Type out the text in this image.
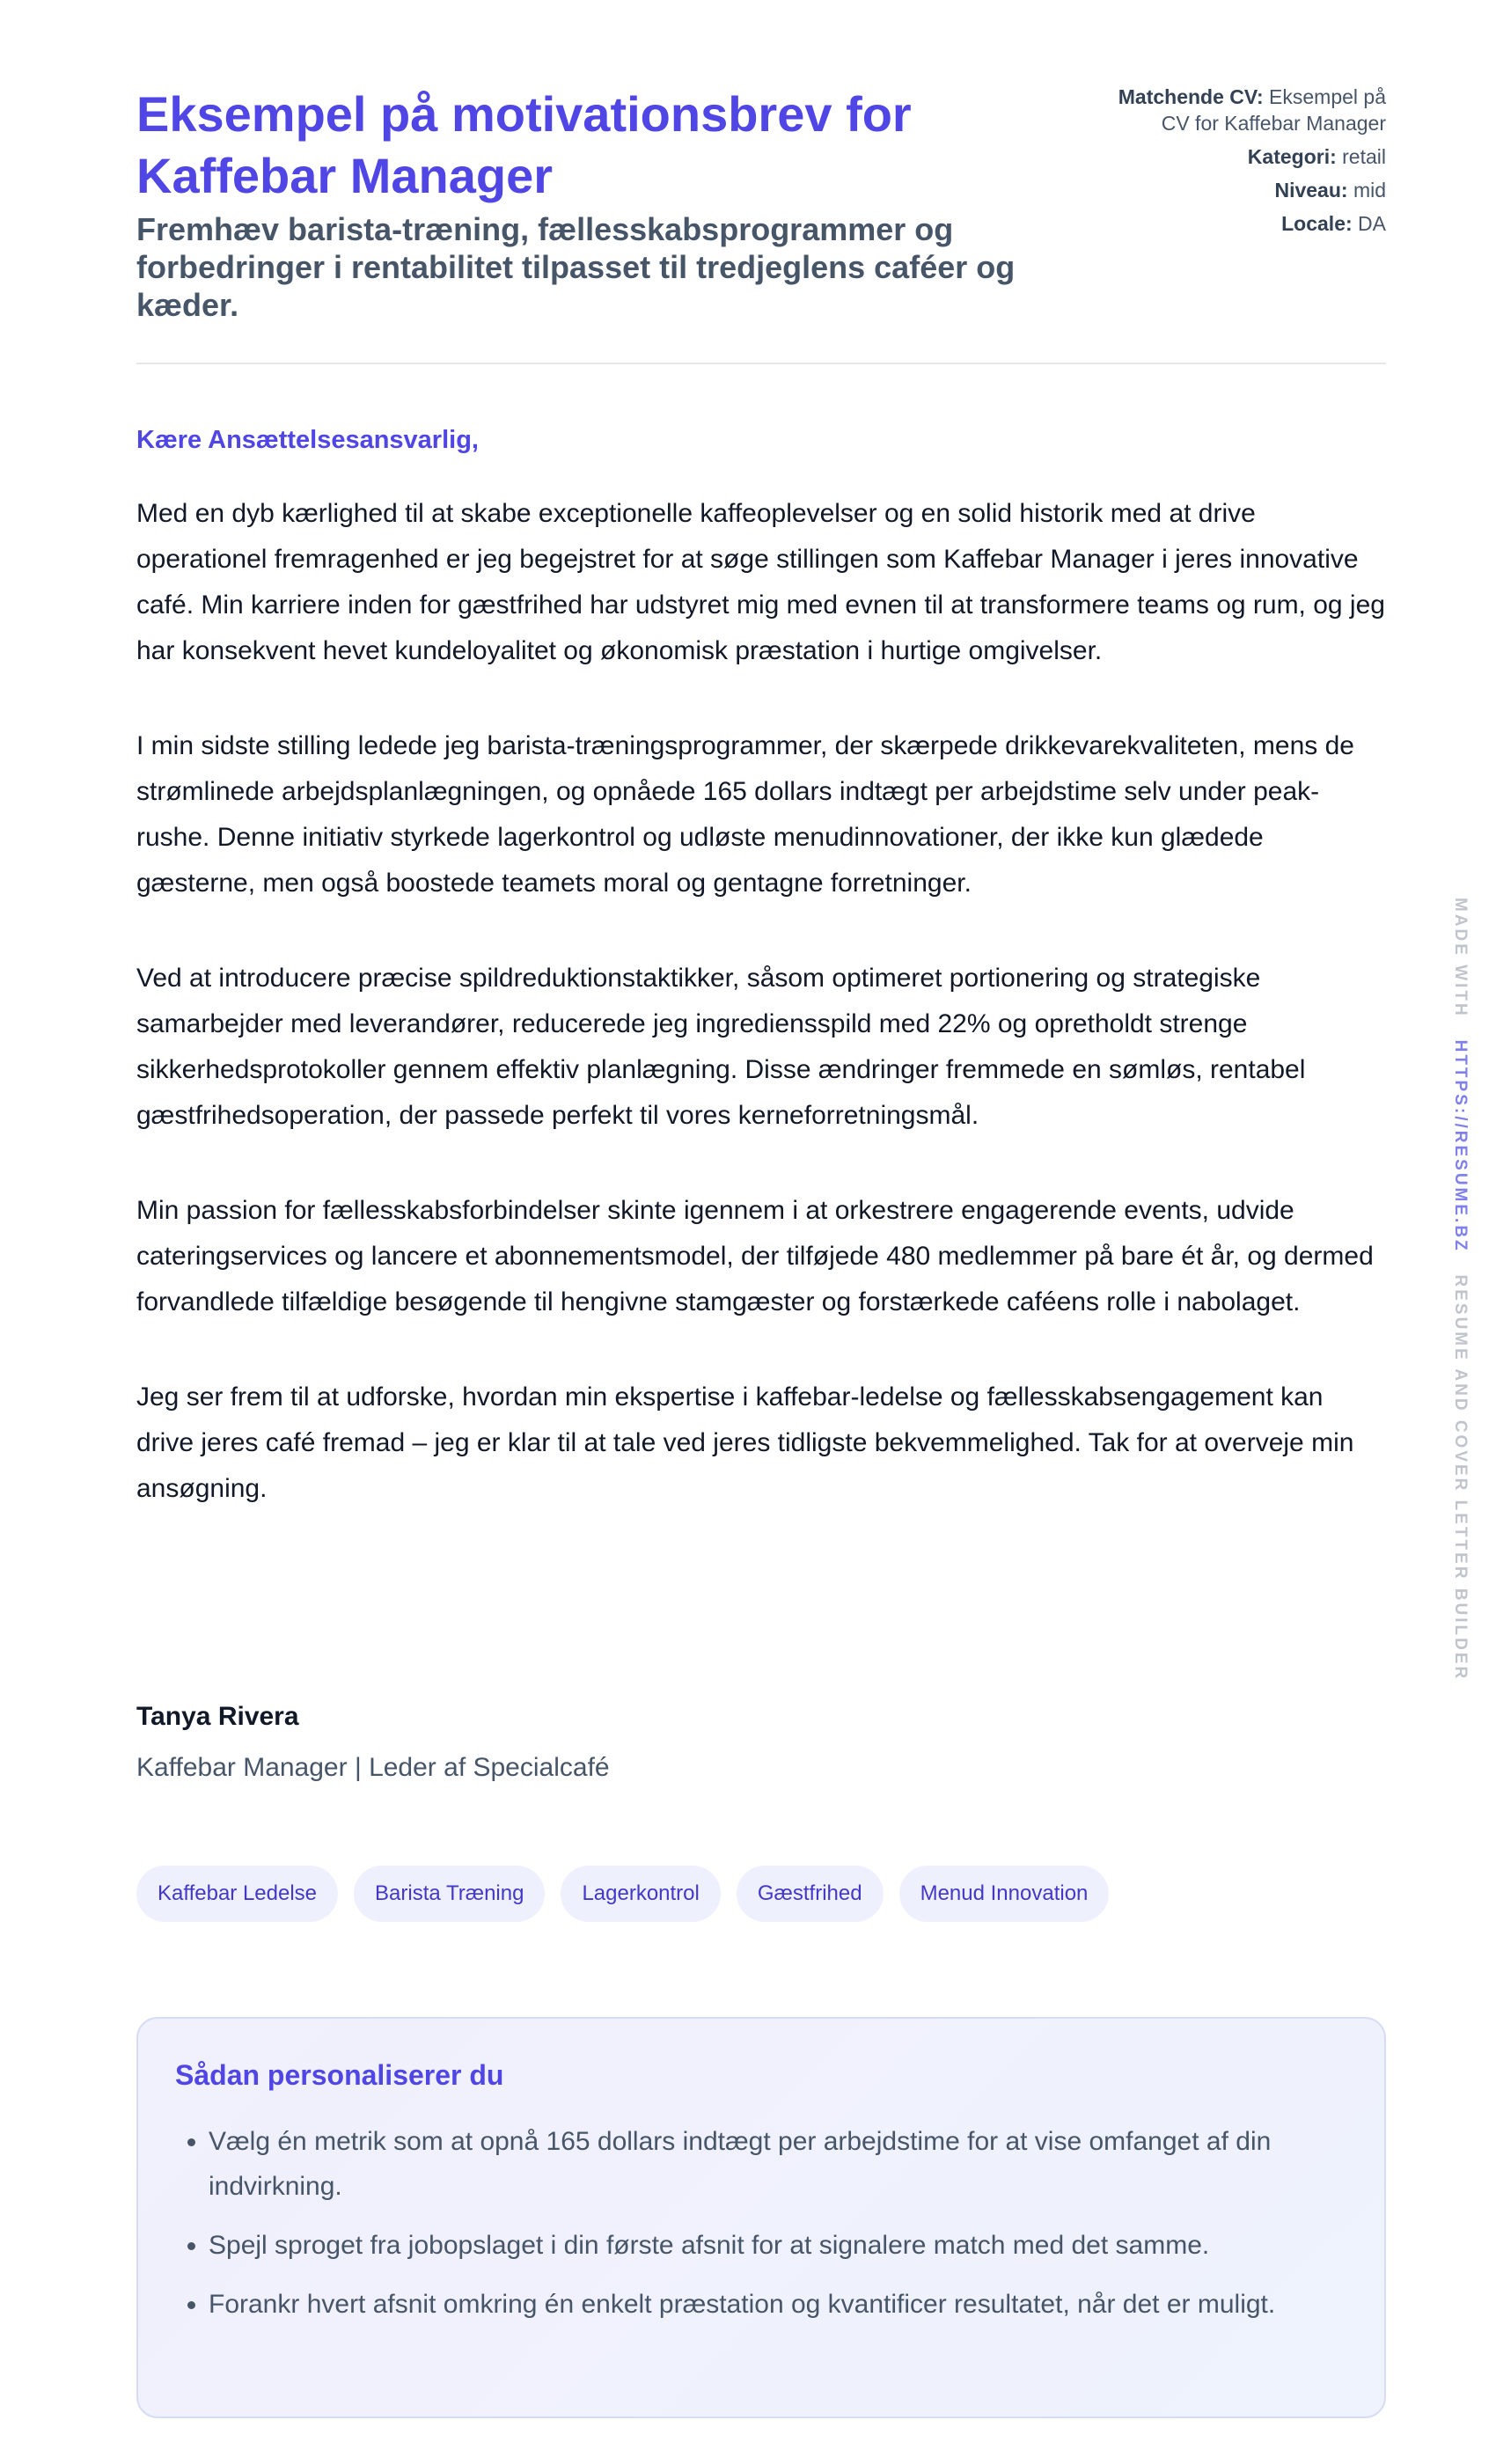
Eksempel på motivationsbrev for Kaffebar Manager
Fremhæv barista-træning, fællesskabsprogrammer og forbedringer i rentabilitet tilpasset til tredjeglens caféer og kæder.
Matchende CV: Eksempel på CV for Kaffebar Manager
Kategori: retail
Niveau: mid
Locale: DA

Kære Ansættelsesansvarlig,

Med en dyb kærlighed til at skabe exceptionelle kaffeoplevelser og en solid historik med at drive operationel fremragenhed er jeg begejstret for at søge stillingen som Kaffebar Manager i jeres innovative café. Min karriere inden for gæstfrihed har udstyret mig med evnen til at transformere teams og rum, og jeg har konsekvent hevet kundeloyalitet og økonomisk præstation i hurtige omgivelser.

I min sidste stilling ledede jeg barista-træningsprogrammer, der skærpede drikkevarekvaliteten, mens de strømlinede arbejdsplanlægningen, og opnåede 165 dollars indtægt per arbejdstime selv under peak-rushe. Denne initiativ styrkede lagerkontrol og udløste menudinnovationer, der ikke kun glædede gæsterne, men også boostede teamets moral og gentagne forretninger.

Ved at introducere præcise spildreduktionstaktikker, såsom optimeret portionering og strategiske samarbejder med leverandører, reducerede jeg ingrediensspild med 22% og opretholdt strenge sikkerhedsprotokoller gennem effektiv planlægning. Disse ændringer fremmede en sømløs, rentabel gæstfrihedsoperation, der passede perfekt til vores kerneforretningsmål.

Min passion for fællesskabsforbindelser skinte igennem i at orkestrere engagerende events, udvide cateringservices og lancere et abonnementsmodel, der tilføjede 480 medlemmer på bare ét år, og dermed forvandlede tilfældige besøgende til hengivne stamgæster og forstærkede caféens rolle i nabolaget.

Jeg ser frem til at udforske, hvordan min ekspertise i kaffebar-ledelse og fællesskabsengagement kan drive jeres café fremad – jeg er klar til at tale ved jeres tidligste bekvemmelighed. Tak for at overveje min ansøgning.

Tanya Rivera
Kaffebar Manager | Leder af Specialcafé
Kaffebar Ledelse	Barista Træning	Lagerkontrol	Gæstfrihed	Menud Innovation
Sådan personaliserer du
• Vælg én metrik som at opnå 165 dollars indtægt per arbejdstime for at vise omfanget af din indvirkning.
• Spejl sproget fra jobopslaget i din første afsnit for at signalere match med det samme.
• Forankr hvert afsnit omkring én enkelt præstation og kvantificer resultatet, når det er muligt.
MADE WITH   HTTPS://RESUME.BZ   RESUME AND COVER LETTER BUILDER
